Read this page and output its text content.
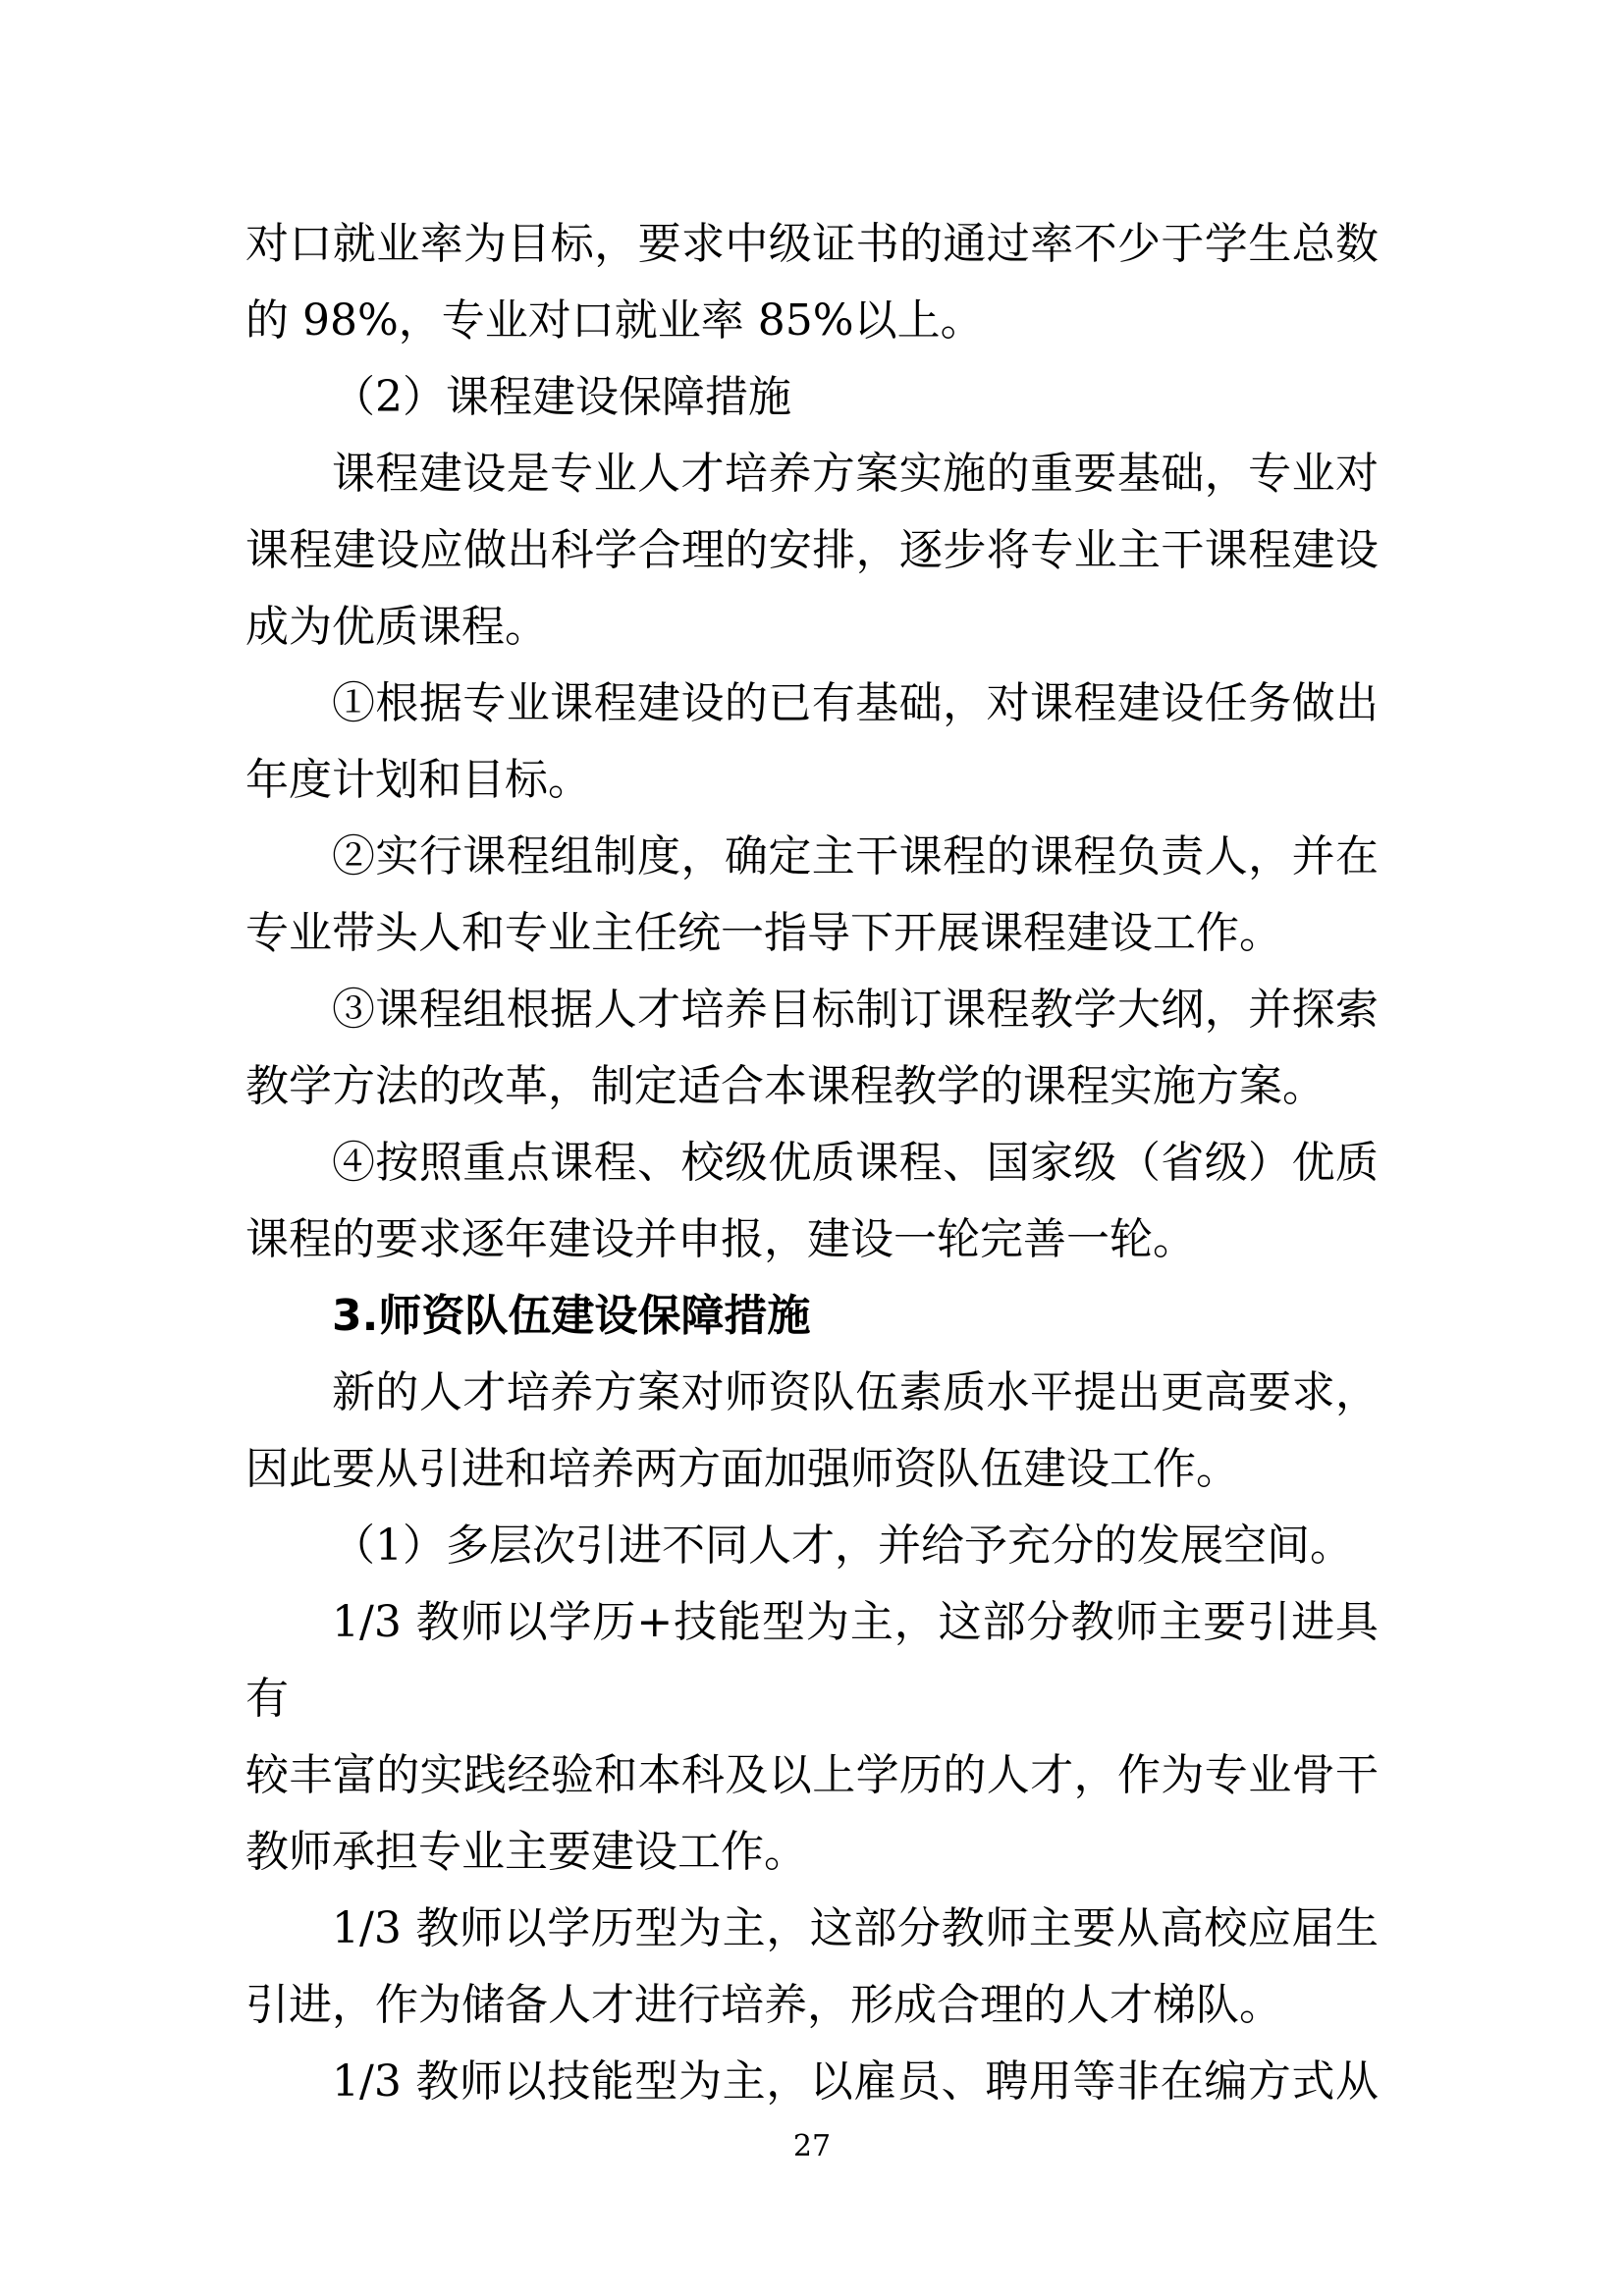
对口就业率为目标，要求中级证书的通过率不少于学生总数
的 98%，专业对口就业率 85%以上。
（2）课程建设保障措施
课程建设是专业人才培养方案实施的重要基础，专业对
课程建设应做出科学合理的安排，逐步将专业主干课程建设
成为优质课程。
①根据专业课程建设的已有基础，对课程建设任务做出
年度计划和目标。
②实行课程组制度，确定主干课程的课程负责人，并在
专业带头人和专业主任统一指导下开展课程建设工作。
③课程组根据人才培养目标制订课程教学大纲，并探索
教学方法的改革，制定适合本课程教学的课程实施方案。
④按照重点课程、校级优质课程、国家级（省级）优质
课程的要求逐年建设并申报，建设一轮完善一轮。
3.师资队伍建设保障措施
新的人才培养方案对师资队伍素质水平提出更高要求，
因此要从引进和培养两方面加强师资队伍建设工作。
（1）多层次引进不同人才，并给予充分的发展空间。
1/3 教师以学历+技能型为主，这部分教师主要引进具有
较丰富的实践经验和本科及以上学历的人才，作为专业骨干
教师承担专业主要建设工作。
1/3 教师以学历型为主，这部分教师主要从高校应届生
引进，作为储备人才进行培养，形成合理的人才梯队。
1/3 教师以技能型为主，以雇员、聘用等非在编方式从
27
